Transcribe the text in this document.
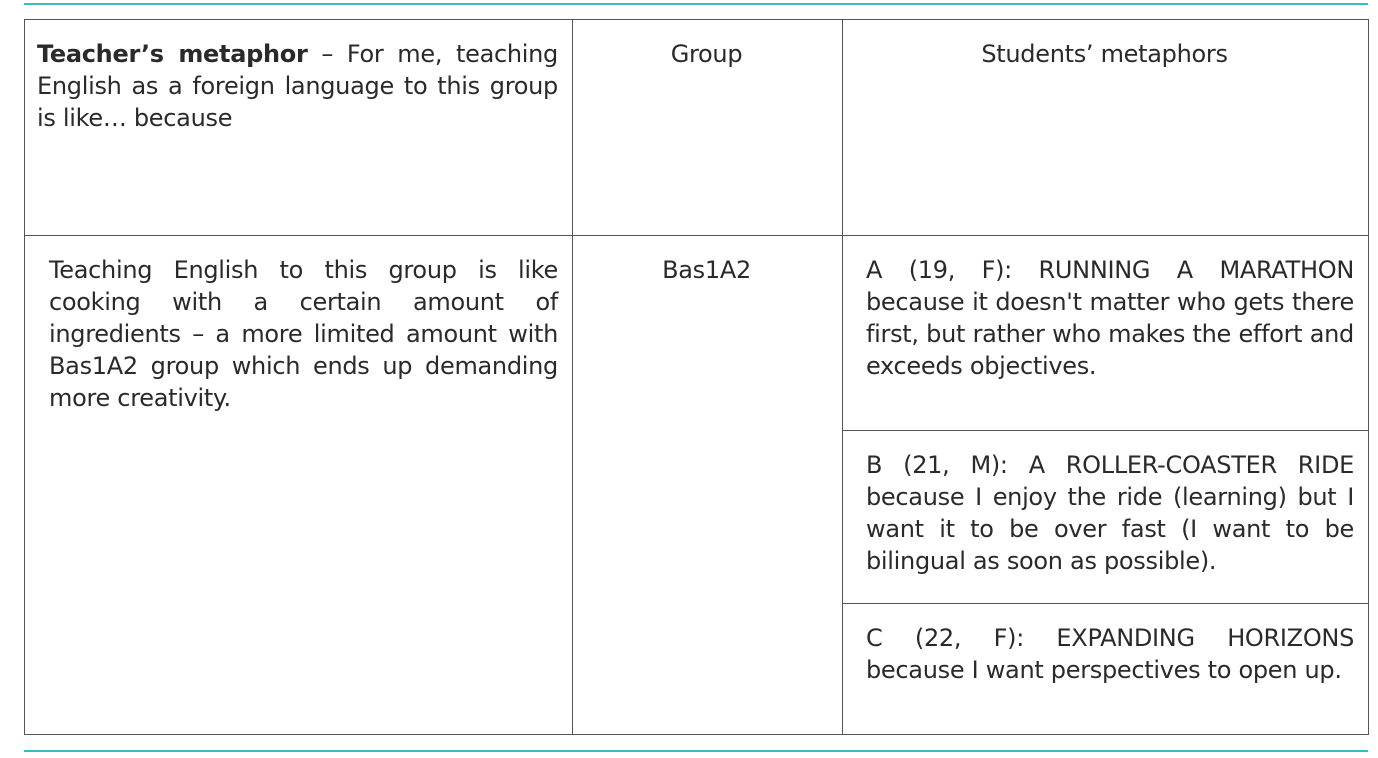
Teacher’s metaphor – For me, teaching English as a foreign language to this group is like… because	Group	Students’ metaphors

Teaching English to this group is like cooking with a certain amount of ingredients – a more limited amount with Bas1A2 group which ends up demanding more creativity.	Bas1A2	A (19, F): RUNNING A MARATHON because it doesn't matter who gets there first, but rather who makes the effort and exceeds objectives.

		B (21, M): A ROLLER-COASTER RIDE because I enjoy the ride (learning) but I want it to be over fast (I want to be bilingual as soon as possible).

		C (22, F): EXPANDING HORIZONS because I want perspectives to open up.
